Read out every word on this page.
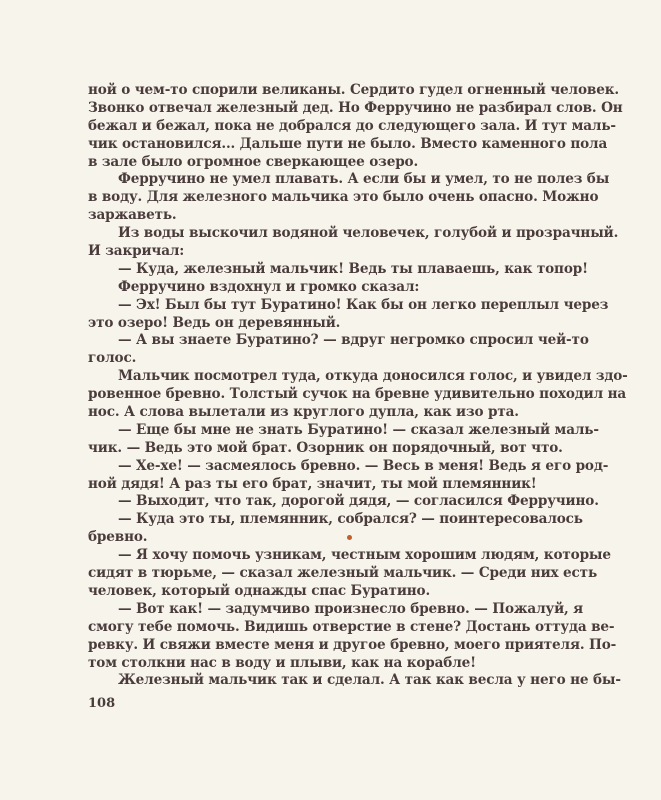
ной о чем-то спорили великаны. Сердито гудел огненный человек.
Звонко отвечал железный дед. Но Ферручино не разбирал слов. Он
бежал и бежал, пока не добрался до следующего зала. И тут маль-
чик остановился... Дальше пути не было. Вместо каменного пола
в зале было огромное сверкающее озеро.
Ферручино не умел плавать. А если бы и умел, то не полез бы
в воду. Для железного мальчика это было очень опасно. Можно
заржаветь.
Из воды выскочил водяной человечек, голубой и прозрачный.
И закричал:
— Куда, железный мальчик! Ведь ты плаваешь, как топор!
Ферручино вздохнул и громко сказал:
— Эх! Был бы тут Буратино! Как бы он легко переплыл через
это озеро! Ведь он деревянный.
— А вы знаете Буратино? — вдруг негромко спросил чей-то
голос.
Мальчик посмотрел туда, откуда доносился голос, и увидел здо-
ровенное бревно. Толстый сучок на бревне удивительно походил на
нос. А слова вылетали из круглого дупла, как изо рта.
— Еще бы мне не знать Буратино! — сказал железный маль-
чик. — Ведь это мой брат. Озорник он порядочный, вот что.
— Хе-хе! — засмеялось бревно. — Весь в меня! Ведь я его род-
ной дядя! А раз ты его брат, значит, ты мой племянник!
— Выходит, что так, дорогой дядя, — согласился Ферручино.
— Куда это ты, племянник, собрался? — поинтересовалось
бревно.
— Я хочу помочь узникам, честным хорошим людям, которые
сидят в тюрьме, — сказал железный мальчик. — Среди них есть
человек, который однажды спас Буратино.
— Вот как! — задумчиво произнесло бревно. — Пожалуй, я
смогу тебе помочь. Видишь отверстие в стене? Достань оттуда ве-
ревку. И свяжи вместе меня и другое бревно, моего приятеля. По-
том столкни нас в воду и плыви, как на корабле!
Железный мальчик так и сделал. А так как весла у него не бы-
108
